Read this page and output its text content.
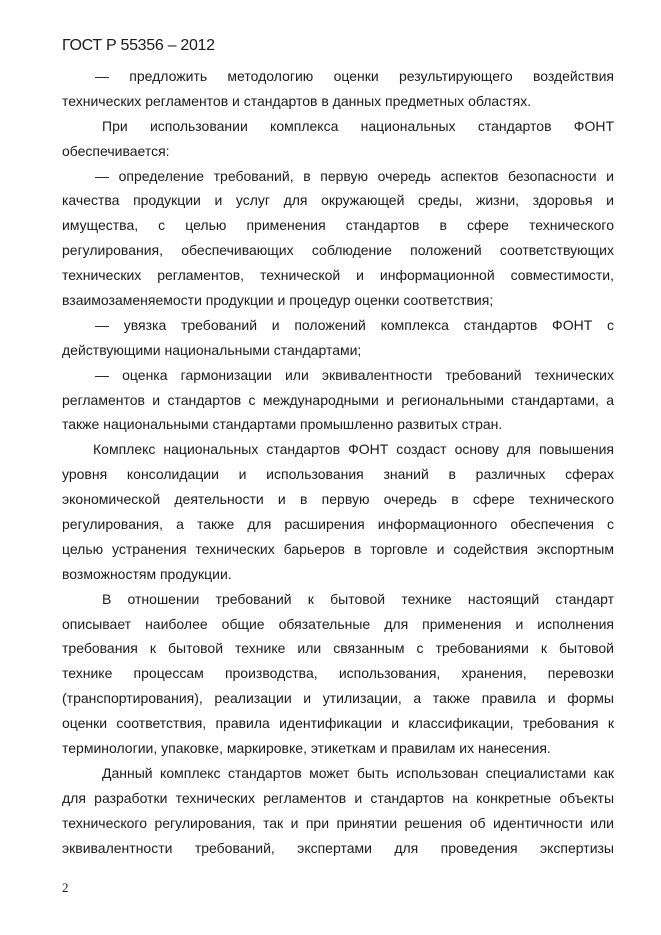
ГОСТ Р 55356 – 2012
— предложить методологию оценки результирующего воздействия
технических регламентов и стандартов в данных предметных областях.
При использовании комплекса национальных стандартов ФОНТ
обеспечивается:
— определение требований, в первую очередь аспектов безопасности и
качества продукции и услуг для окружающей среды, жизни, здоровья и
имущества, с целью применения стандартов в сфере технического
регулирования, обеспечивающих соблюдение положений соответствующих
технических регламентов, технической и информационной совместимости,
взаимозаменяемости продукции и процедур оценки соответствия;
— увязка требований и положений комплекса стандартов ФОНТ с
действующими национальными стандартами;
— оценка гармонизации или эквивалентности требований технических
регламентов и стандартов с международными и региональными стандартами, а
также национальными стандартами промышленно развитых стран.
Комплекс национальных стандартов ФОНТ создаст основу для повышения
уровня консолидации и использования знаний в различных сферах
экономической деятельности и в первую очередь в сфере технического
регулирования, а также для расширения информационного обеспечения с
целью устранения технических барьеров в торговле и содействия экспортным
возможностям продукции.
В отношении требований к бытовой технике настоящий стандарт
описывает наиболее общие обязательные для применения и исполнения
требования к бытовой технике или связанным с требованиями к бытовой
технике процессам производства, использования, хранения, перевозки
(транспортирования), реализации и утилизации, а также правила и формы
оценки соответствия, правила идентификации и классификации, требования к
терминологии, упаковке, маркировке, этикеткам и правилам их нанесения.
Данный комплекс стандартов может быть использован специалистами как
для разработки технических регламентов и стандартов на конкретные объекты
технического регулирования, так и при принятии решения об идентичности или
эквивалентности требований, экспертами для проведения экспертизы
2
